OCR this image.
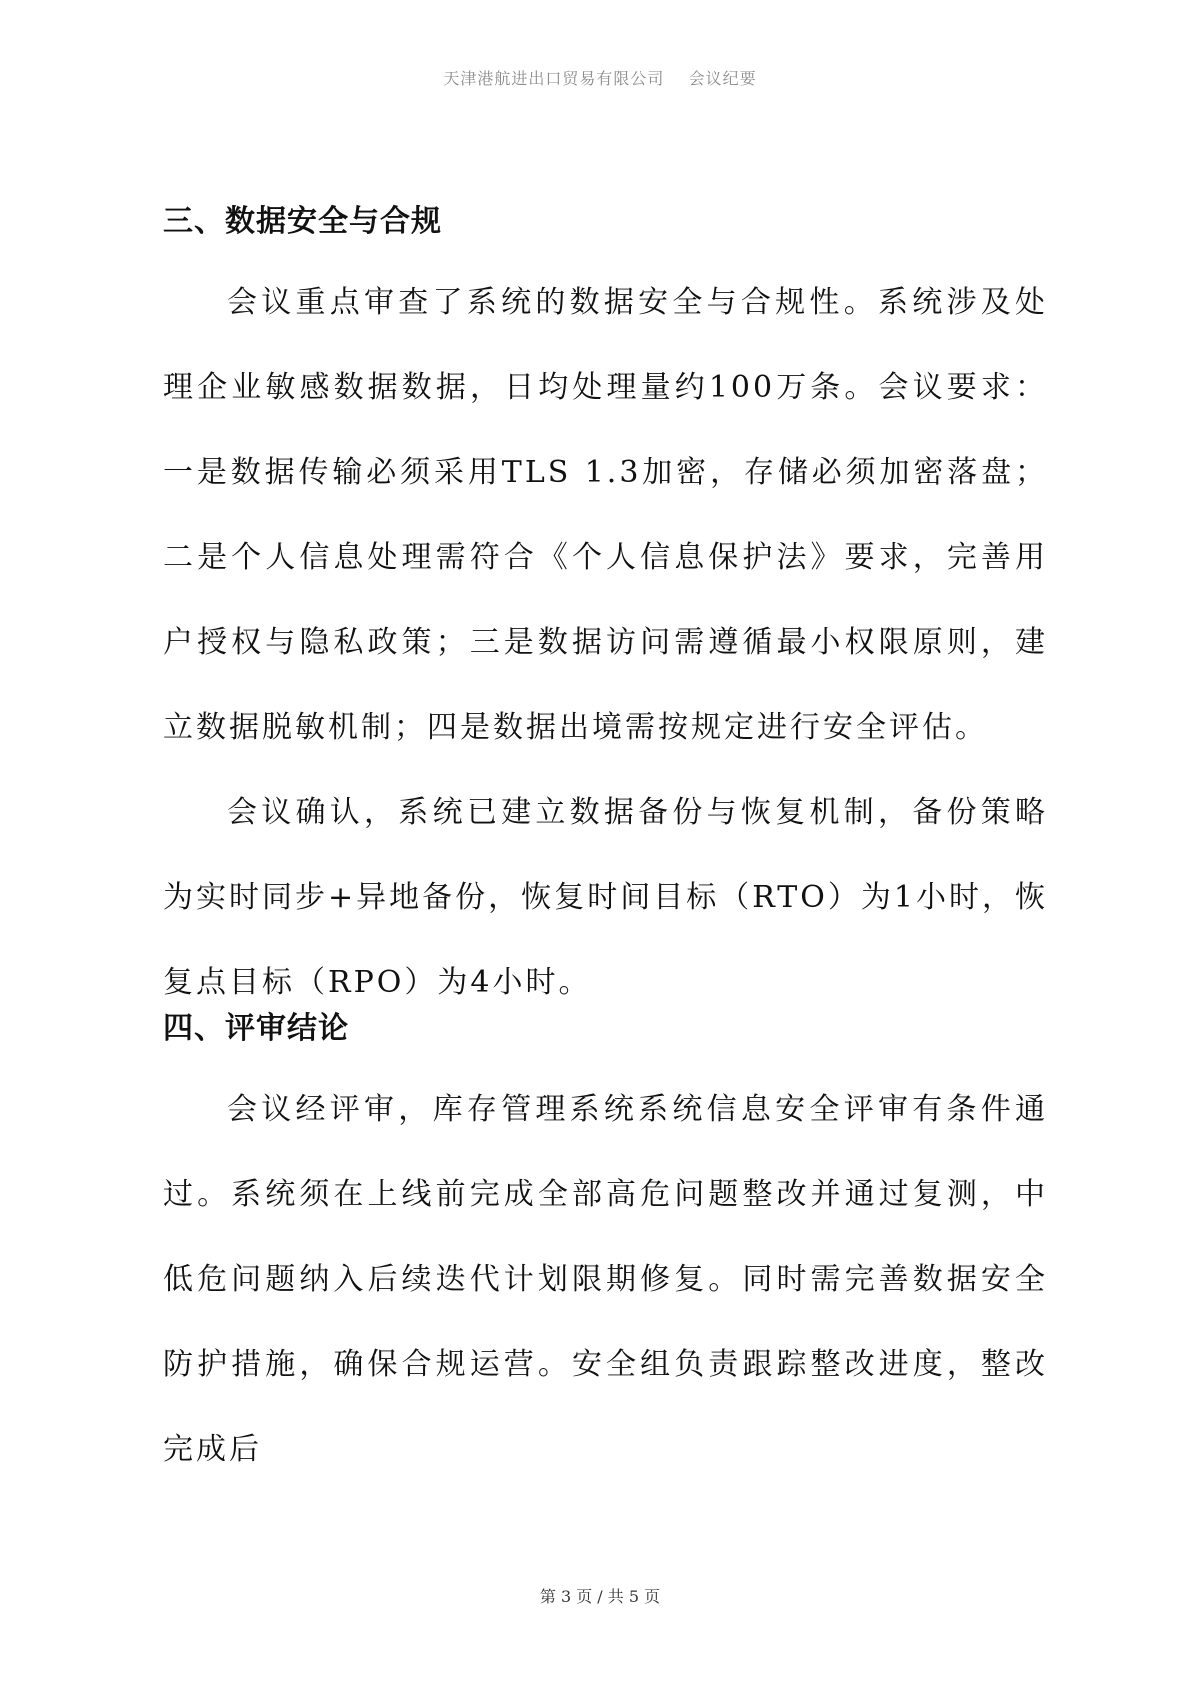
天津港航进出口贸易有限公司 会议纪要
三、数据安全与合规

会议重点审查了系统的数据安全与合规性。系统涉及处理企业敏感数据数据，日均处理量约100万条。会议要求：一是数据传输必须采用TLS 1.3加密，存储必须加密落盘；二是个人信息处理需符合《个人信息保护法》要求，完善用户授权与隐私政策；三是数据访问需遵循最小权限原则，建立数据脱敏机制；四是数据出境需按规定进行安全评估。

会议确认，系统已建立数据备份与恢复机制，备份策略为实时同步+异地备份，恢复时间目标（RTO）为1小时，恢复点目标（RPO）为4小时。

四、评审结论

会议经评审，库存管理系统系统信息安全评审有条件通过。系统须在上线前完成全部高危问题整改并通过复测，中低危问题纳入后续迭代计划限期修复。同时需完善数据安全防护措施，确保合规运营。安全组负责跟踪整改进度，整改完成后

第 3 页 / 共 5 页
